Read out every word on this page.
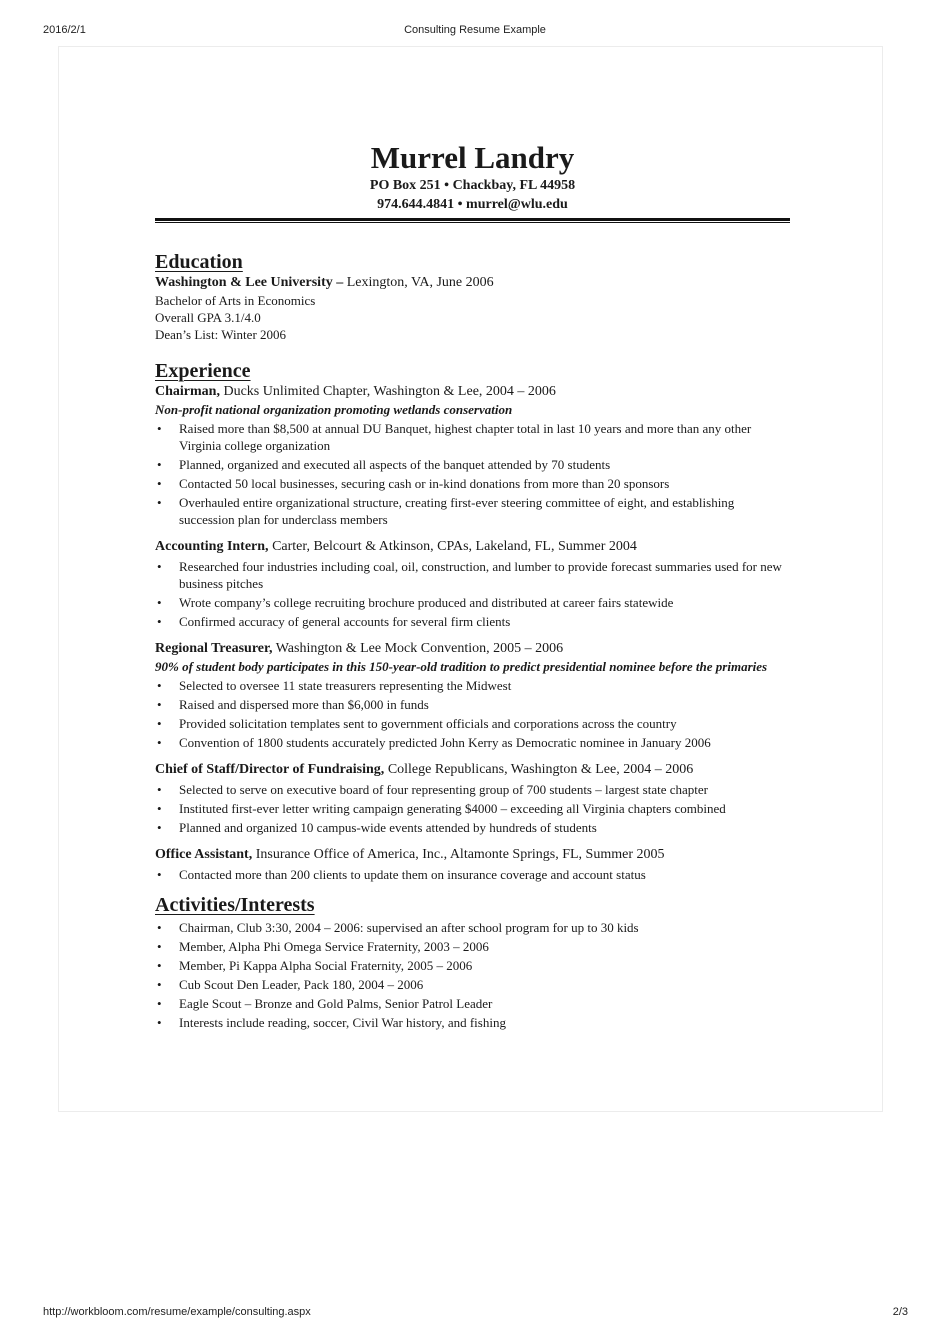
2016/2/1	Consulting Resume Example
Murrel Landry
PO Box 251 • Chackbay, FL 44958
974.644.4841 • murrel@wlu.edu
Education
Washington & Lee University – Lexington, VA, June 2006
Bachelor of Arts in Economics
Overall GPA 3.1/4.0
Dean’s List: Winter 2006
Experience
Chairman, Ducks Unlimited Chapter, Washington & Lee, 2004 – 2006
Non-profit national organization promoting wetlands conservation
• Raised more than $8,500 at annual DU Banquet, highest chapter total in last 10 years and more than any other Virginia college organization
• Planned, organized and executed all aspects of the banquet attended by 70 students
• Contacted 50 local businesses, securing cash or in-kind donations from more than 20 sponsors
• Overhauled entire organizational structure, creating first-ever steering committee of eight, and establishing succession plan for underclass members
Accounting Intern, Carter, Belcourt & Atkinson, CPAs, Lakeland, FL, Summer 2004
• Researched four industries including coal, oil, construction, and lumber to provide forecast summaries used for new business pitches
• Wrote company’s college recruiting brochure produced and distributed at career fairs statewide
• Confirmed accuracy of general accounts for several firm clients
Regional Treasurer, Washington & Lee Mock Convention, 2005 – 2006
90% of student body participates in this 150-year-old tradition to predict presidential nominee before the primaries
• Selected to oversee 11 state treasurers representing the Midwest
• Raised and dispersed more than $6,000 in funds
• Provided solicitation templates sent to government officials and corporations across the country
• Convention of 1800 students accurately predicted John Kerry as Democratic nominee in January 2006
Chief of Staff/Director of Fundraising, College Republicans, Washington & Lee, 2004 – 2006
• Selected to serve on executive board of four representing group of 700 students – largest state chapter
• Instituted first-ever letter writing campaign generating $4000 – exceeding all Virginia chapters combined
• Planned and organized 10 campus-wide events attended by hundreds of students
Office Assistant, Insurance Office of America, Inc., Altamonte Springs, FL, Summer 2005
• Contacted more than 200 clients to update them on insurance coverage and account status
Activities/Interests
• Chairman, Club 3:30, 2004 – 2006: supervised an after school program for up to 30 kids
• Member, Alpha Phi Omega Service Fraternity, 2003 – 2006
• Member, Pi Kappa Alpha Social Fraternity, 2005 – 2006
• Cub Scout Den Leader, Pack 180, 2004 – 2006
• Eagle Scout – Bronze and Gold Palms, Senior Patrol Leader
• Interests include reading, soccer, Civil War history, and fishing
http://workbloom.com/resume/example/consulting.aspx	2/3
